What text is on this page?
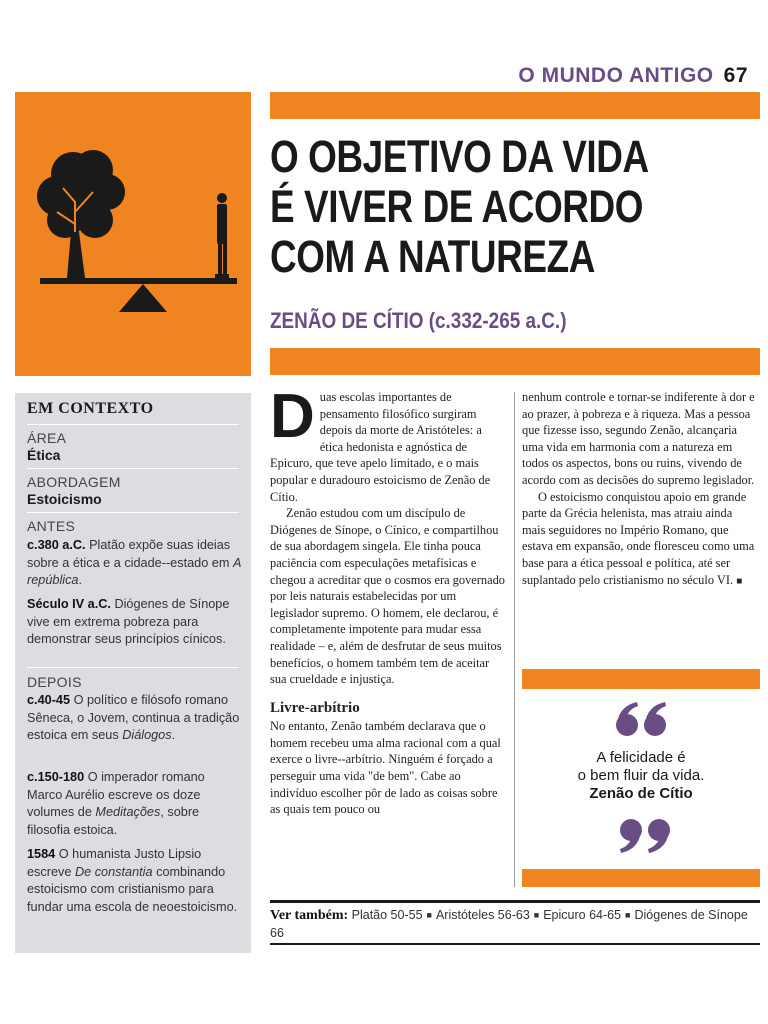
O MUNDO ANTIGO 67
O OBJETIVO DA VIDA
É VIVER DE ACORDO
COM A NATUREZA
ZENÃO DE CÍTIO (c.332-265 a.C.)
EM CONTEXTO
ÁREA
Ética
ABORDAGEM
Estoicismo
ANTES
c.380 a.C. Platão expõe suas ideias sobre a ética e a cidade--estado em A república.
Século IV a.C. Diógenes de Sínope vive em extrema pobreza para demonstrar seus princípios cínicos.
DEPOIS
c.40-45 O político e filósofo romano Sêneca, o Jovem, continua a tradição estoica em seus Diálogos.
c.150-180 O imperador romano Marco Aurélio escreve os doze volumes de Meditações, sobre filosofia estoica.
1584 O humanista Justo Lipsio escreve De constantia combinando estoicismo com cristianismo para fundar uma escola de neoestoicismo.

Duas escolas importantes de pensamento filosófico surgiram depois da morte de Aristóteles: a ética hedonista e agnóstica de Epicuro, que teve apelo limitado, e o mais popular e duradouro estoicismo de Zenão de Cítio.

Zenão estudou com um discípulo de Diógenes de Sínope, o Cínico, e compartilhou de sua abordagem singela. Ele tinha pouca paciência com especulações metafísicas e chegou a acreditar que o cosmos era governado por leis naturais estabelecidas por um legislador supremo. O homem, ele declarou, é completamente impotente para mudar essa realidade – e, além de desfrutar de seus muitos benefícios, o homem também tem de aceitar sua crueldade e injustiça.

Livre-arbítrio

No entanto, Zenão também declarava que o homem recebeu uma alma racional com a qual exerce o livre--arbítrio. Ninguém é forçado a perseguir uma vida "de bem". Cabe ao indivíduo escolher pôr de lado as coisas sobre as quais tem pouco ou

nenhum controle e tornar-se indiferente à dor e ao prazer, à pobreza e à riqueza. Mas a pessoa que fizesse isso, segundo Zenão, alcançaria uma vida em harmonia com a natureza em todos os aspectos, bons ou ruins, vivendo de acordo com as decisões do supremo legislador.

O estoicismo conquistou apoio em grande parte da Grécia helenista, mas atraiu ainda mais seguidores no Império Romano, que estava em expansão, onde floresceu como uma base para a ética pessoal e política, até ser suplantado pelo cristianismo no século VI. ■

A felicidade é
o bem fluir da vida.
Zenão de Cítio
Ver também: Platão 50-55 ■ Aristóteles 56-63 ■ Epicuro 64-65 ■ Diógenes de Sínope 66
